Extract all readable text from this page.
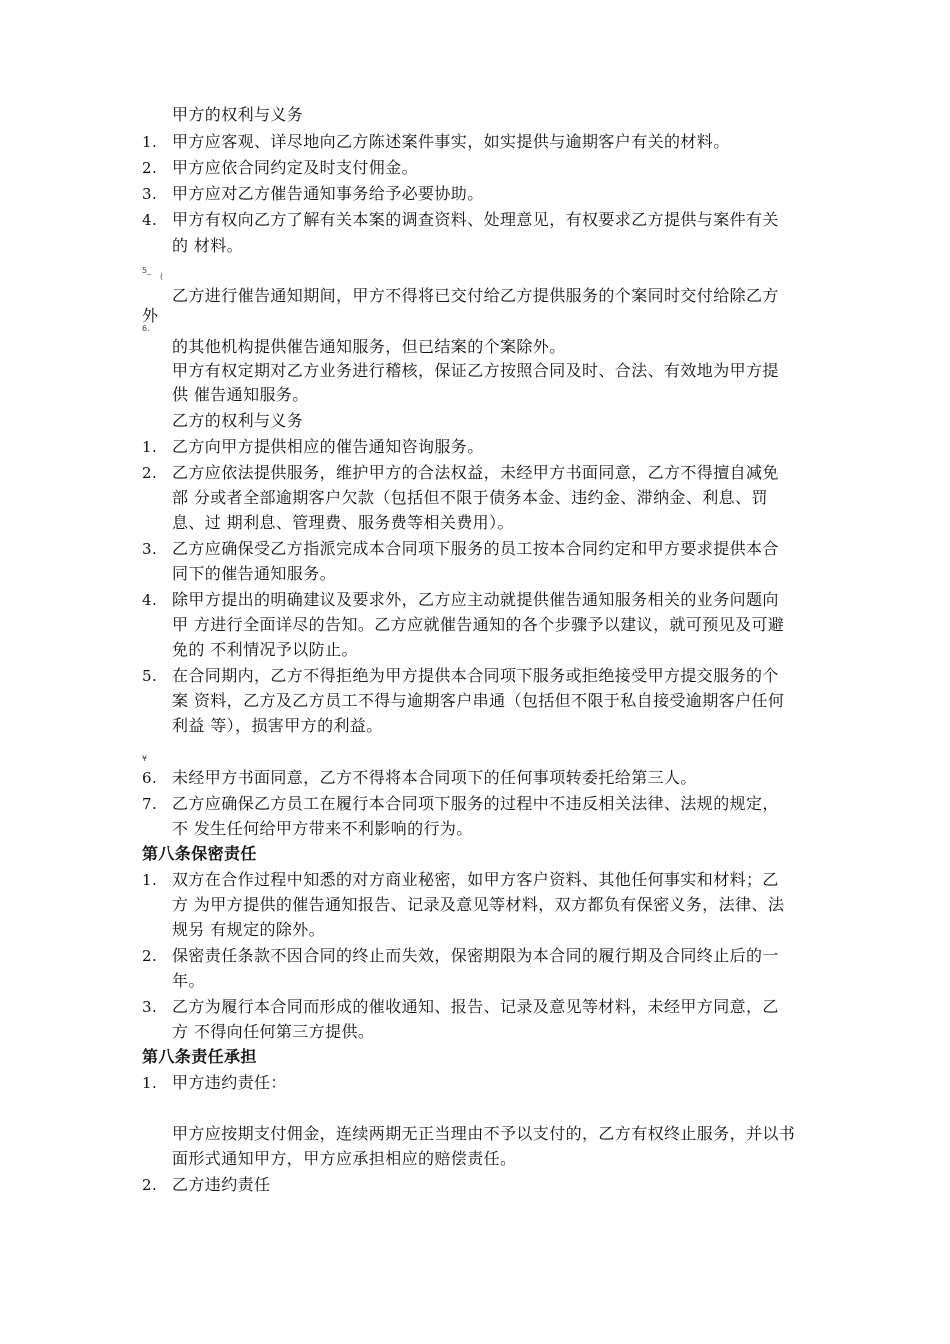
甲方的权利与义务
1. 甲方应客观、详尽地向乙方陈述案件事实，如实提供与逾期客户有关的材料。
2. 甲方应依合同约定及时支付佣金。
3. 甲方应对乙方催告通知事务给予必要协助。
4. 甲方有权向乙方了解有关本案的调查资料、处理意见，有权要求乙方提供与案件有关
的 材料。
5_
(
乙方进行催告通知期间，甲方不得将已交付给乙方提供服务的个案同时交付给除乙方
外
6.
的其他机构提供催告通知服务，但已结案的个案除外。
甲方有权定期对乙方业务进行稽核，保证乙方按照合同及时、合法、有效地为甲方提
供 催告通知服务。
乙方的权利与义务
1. 乙方向甲方提供相应的催告通知咨询服务。
2. 乙方应依法提供服务，维护甲方的合法权益，未经甲方书面同意，乙方不得擅自减免
部 分或者全部逾期客户欠款（包括但不限于债务本金、违约金、滞纳金、利息、罚
息、过 期利息、管理费、服务费等相关费用）。
3. 乙方应确保受乙方指派完成本合同项下服务的员工按本合同约定和甲方要求提供本合
同下的催告通知服务。
4. 除甲方提出的明确建议及要求外，乙方应主动就提供催告通知服务相关的业务问题向
甲 方进行全面详尽的告知。乙方应就催告通知的各个步骤予以建议，就可预见及可避
免的 不利情况予以防止。
5. 在合同期内，乙方不得拒绝为甲方提供本合同项下服务或拒绝接受甲方提交服务的个
案 资料，乙方及乙方员工不得与逾期客户串通（包括但不限于私自接受逾期客户任何
利益 等），损害甲方的利益。
¥
6. 未经甲方书面同意，乙方不得将本合同项下的任何事项转委托给第三人。
7. 乙方应确保乙方员工在履行本合同项下服务的过程中不违反相关法律、法规的规定，
不 发生任何给甲方带来不利影响的行为。
第八条保密责任
1. 双方在合作过程中知悉的对方商业秘密，如甲方客户资料、其他任何事实和材料；乙
方 为甲方提供的催告通知报告、记录及意见等材料，双方都负有保密义务，法律、法
规另 有规定的除外。
2. 保密责任条款不因合同的终止而失效，保密期限为本合同的履行期及合同终止后的一
年。
3. 乙方为履行本合同而形成的催收通知、报告、记录及意见等材料，未经甲方同意，乙
方 不得向任何第三方提供。
第八条责任承担
1. 甲方违约责任：
甲方应按期支付佣金，连续两期无正当理由不予以支付的，乙方有权终止服务，并以书
面形式通知甲方，甲方应承担相应的赔偿责任。
2. 乙方违约责任
